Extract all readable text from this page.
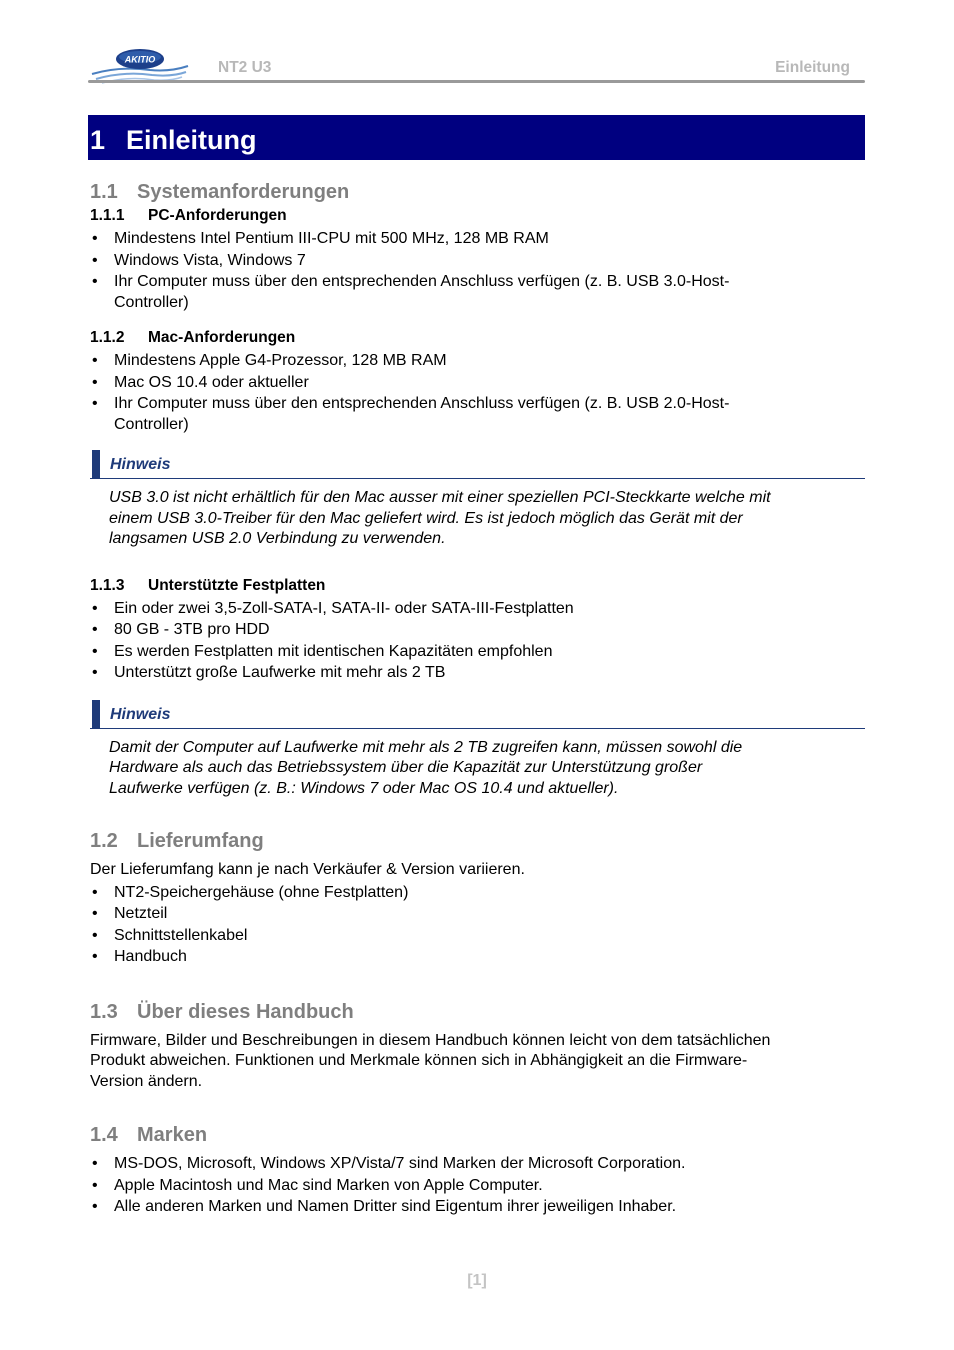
AKITIO	NT2 U3	Einleitung
1 Einleitung
1.1 Systemanforderungen
1.1.1 PC-Anforderungen
• Mindestens Intel Pentium III-CPU mit 500 MHz, 128 MB RAM
• Windows Vista, Windows 7
• Ihr Computer muss über den entsprechenden Anschluss verfügen (z. B. USB 3.0-Host-
Controller)
1.1.2 Mac-Anforderungen
• Mindestens Apple G4-Prozessor, 128 MB RAM
• Mac OS 10.4 oder aktueller
• Ihr Computer muss über den entsprechenden Anschluss verfügen (z. B. USB 2.0-Host-
Controller)
Hinweis
USB 3.0 ist nicht erhältlich für den Mac ausser mit einer speziellen PCI-Steckkarte welche mit
einem USB 3.0-Treiber für den Mac geliefert wird. Es ist jedoch möglich das Gerät mit der
langsamen USB 2.0 Verbindung zu verwenden.
1.1.3 Unterstützte Festplatten
• Ein oder zwei 3,5-Zoll-SATA-I, SATA-II- oder SATA-III-Festplatten
• 80 GB - 3TB pro HDD
• Es werden Festplatten mit identischen Kapazitäten empfohlen
• Unterstützt große Laufwerke mit mehr als 2 TB
Hinweis
Damit der Computer auf Laufwerke mit mehr als 2 TB zugreifen kann, müssen sowohl die
Hardware als auch das Betriebssystem über die Kapazität zur Unterstützung großer
Laufwerke verfügen (z. B.: Windows 7 oder Mac OS 10.4 und aktueller).
1.2 Lieferumfang

Der Lieferumfang kann je nach Verkäufer & Version variieren.

• NT2-Speichergehäuse (ohne Festplatten)
• Netzteil
• Schnittstellenkabel
• Handbuch
1.3 Über dieses Handbuch

Firmware, Bilder und Beschreibungen in diesem Handbuch können leicht von dem tatsächlichen

Produkt abweichen. Funktionen und Merkmale können sich in Abhängigkeit an die Firmware-

Version ändern.

1.4 Marken
• MS-DOS, Microsoft, Windows XP/Vista/7 sind Marken der Microsoft Corporation.
• Apple Macintosh und Mac sind Marken von Apple Computer.
• Alle anderen Marken und Namen Dritter sind Eigentum ihrer jeweiligen Inhaber.
[1]
